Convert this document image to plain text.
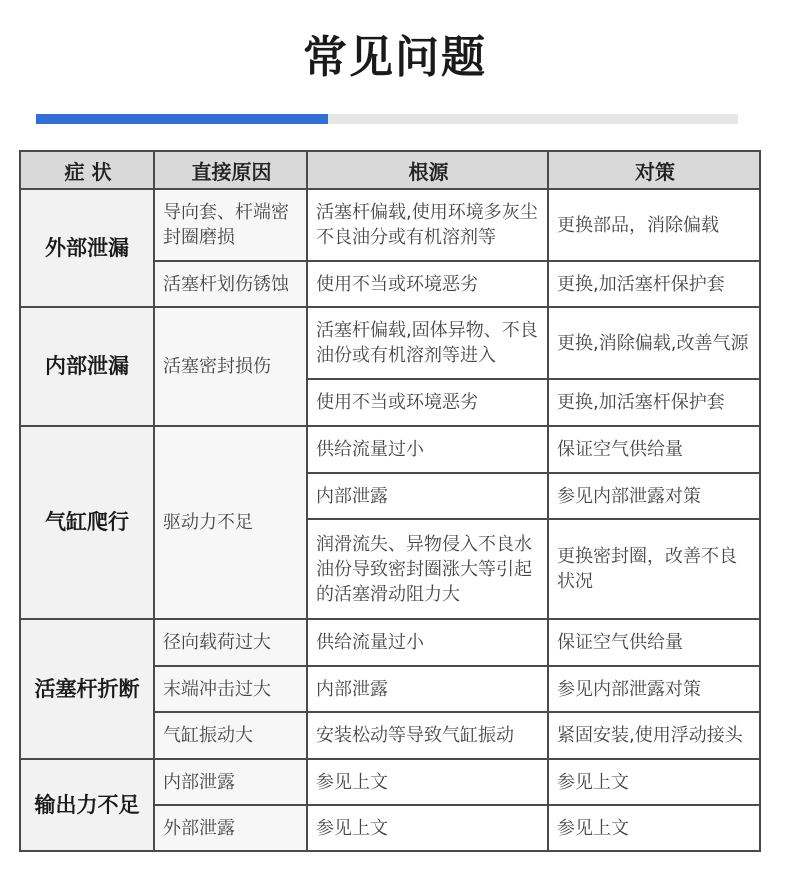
常见问题
症 状	直接原因	根源	对策
外部泄漏	导向套、杆端密封圈磨损	活塞杆偏载,使用环境多灰尘不良油分或有机溶剂等	更换部品，消除偏载
	活塞杆划伤锈蚀	使用不当或环境恶劣	更换,加活塞杆保护套
内部泄漏	活塞密封损伤	活塞杆偏载,固体异物、不良油份或有机溶剂等进入	更换,消除偏载,改善气源
		使用不当或环境恶劣	更换,加活塞杆保护套
气缸爬行	驱动力不足	供给流量过小	保证空气供给量
		内部泄露	参见内部泄露对策
		润滑流失、异物侵入不良水油份导致密封圈涨大等引起的活塞滑动阻力大	更换密封圈，改善不良状况
活塞杆折断	径向载荷过大	供给流量过小	保证空气供给量
	末端冲击过大	内部泄露	参见内部泄露对策
	气缸振动大	安装松动等导致气缸振动	紧固安装,使用浮动接头
输出力不足	内部泄露	参见上文	参见上文
	外部泄露	参见上文	参见上文
